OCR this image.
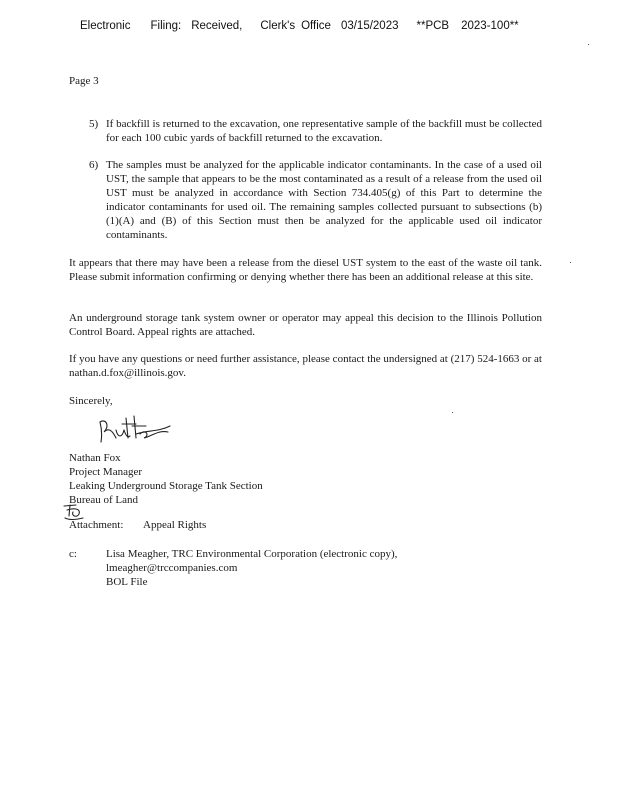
Electronic Filing: Received, Clerk's Office 03/15/2023 **PCB 2023-100**
Page 3
5) If backfill is returned to the excavation, one representative sample of the backfill must be collected for each 100 cubic yards of backfill returned to the excavation.
6) The samples must be analyzed for the applicable indicator contaminants. In the case of a used oil UST, the sample that appears to be the most contaminated as a result of a release from the used oil UST must be analyzed in accordance with Section 734.405(g) of this Part to determine the indicator contaminants for used oil. The remaining samples collected pursuant to subsections (b)(1)(A) and (B) of this Section must then be analyzed for the applicable used oil indicator contaminants.
It appears that there may have been a release from the diesel UST system to the east of the waste oil tank. Please submit information confirming or denying whether there has been an additional release at this site.
An underground storage tank system owner or operator may appeal this decision to the Illinois Pollution Control Board. Appeal rights are attached.
If you have any questions or need further assistance, please contact the undersigned at (217) 524-1663 or at nathan.d.fox@illinois.gov.
Sincerely,
Nathan Fox
Project Manager
Leaking Underground Storage Tank Section
Bureau of Land
Attachment: Appeal Rights
c:	Lisa Meagher, TRC Environmental Corporation (electronic copy),
lmeagher@trccompanies.com
BOL File
